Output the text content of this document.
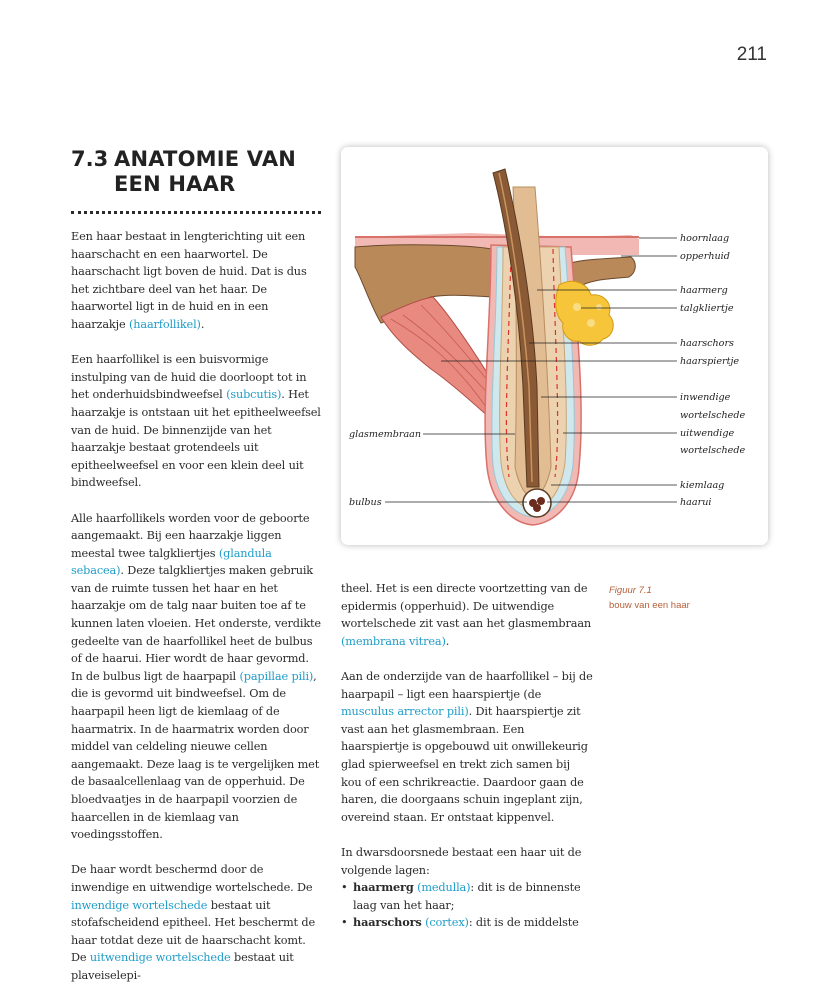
211
7.3 ANATOMIE VAN EEN HAAR

Een haar bestaat in lengterichting uit een haarschacht en een haarwortel. De haarschacht ligt boven de huid. Dat is dus het zichtbare deel van het haar. De haarwortel ligt in de huid en in een haarzakje (haarfollikel).

Een haarfollikel is een buisvormige instulping van de huid die doorloopt tot in het onderhuidsbindweefsel (subcutis). Het haarzakje is ontstaan uit het epitheelweefsel van de huid. De binnenzijde van het haarzakje bestaat grotendeels uit epitheelweefsel en voor een klein deel uit bindweefsel.

Alle haarfollikels worden voor de geboorte aangemaakt. Bij een haarzakje liggen meestal twee talgkliertjes (glandula sebacea). Deze talgkliertjes maken gebruik van de ruimte tussen het haar en het haarzakje om de talg naar buiten toe af te kunnen laten vloeien. Het onderste, verdikte gedeelte van de haarfollikel heet de bulbus of de haarui. Hier wordt de haar gevormd. In de bulbus ligt de haarpapil (papillae pili), die is gevormd uit bindweefsel. Om de haarpapil heen ligt de kiemlaag of de haarmatrix. In de haarmatrix worden door middel van celdeling nieuwe cellen aangemaakt. Deze laag is te vergelijken met de basaalcellenlaag van de opperhuid. De bloedvaatjes in de haarpapil voorzien de haarcellen in de kiemlaag van voedingsstoffen.

De haar wordt beschermd door de inwendige en uitwendige wortelschede. De inwendige wortelschede bestaat uit stofafscheidend epitheel. Het beschermt de haar totdat deze uit de haarschacht komt. De uitwendige wortelschede bestaat uit plaveiselepi-

hoornlaag
opperhuid
haarmerg
talgkliertje
haarschors
haarspiertje
inwendige
wortelschede
uitwendige
wortelschede
kiemlaag
haarui
glasmembraan
bulbus
Figuur 7.1
bouw van een haar

theel. Het is een directe voortzetting van de epidermis (opperhuid). De uitwendige wortelschede zit vast aan het glasmembraan (membrana vitrea).

Aan de onderzijde van de haarfollikel – bij de haarpapil – ligt een haarspiertje (de musculus arrector pili). Dit haarspiertje zit vast aan het glasmembraan. Een haarspiertje is opgebouwd uit onwillekeurig glad spierweefsel en trekt zich samen bij kou of een schrikreactie. Daardoor gaan de haren, die doorgaans schuin ingeplant zijn, overeind staan. Er ontstaat kippenvel.

In dwarsdoorsnede bestaat een haar uit de volgende lagen:

• haarmerg (medulla): dit is de binnenste laag van het haar;
• haarschors (cortex): dit is de middelste
